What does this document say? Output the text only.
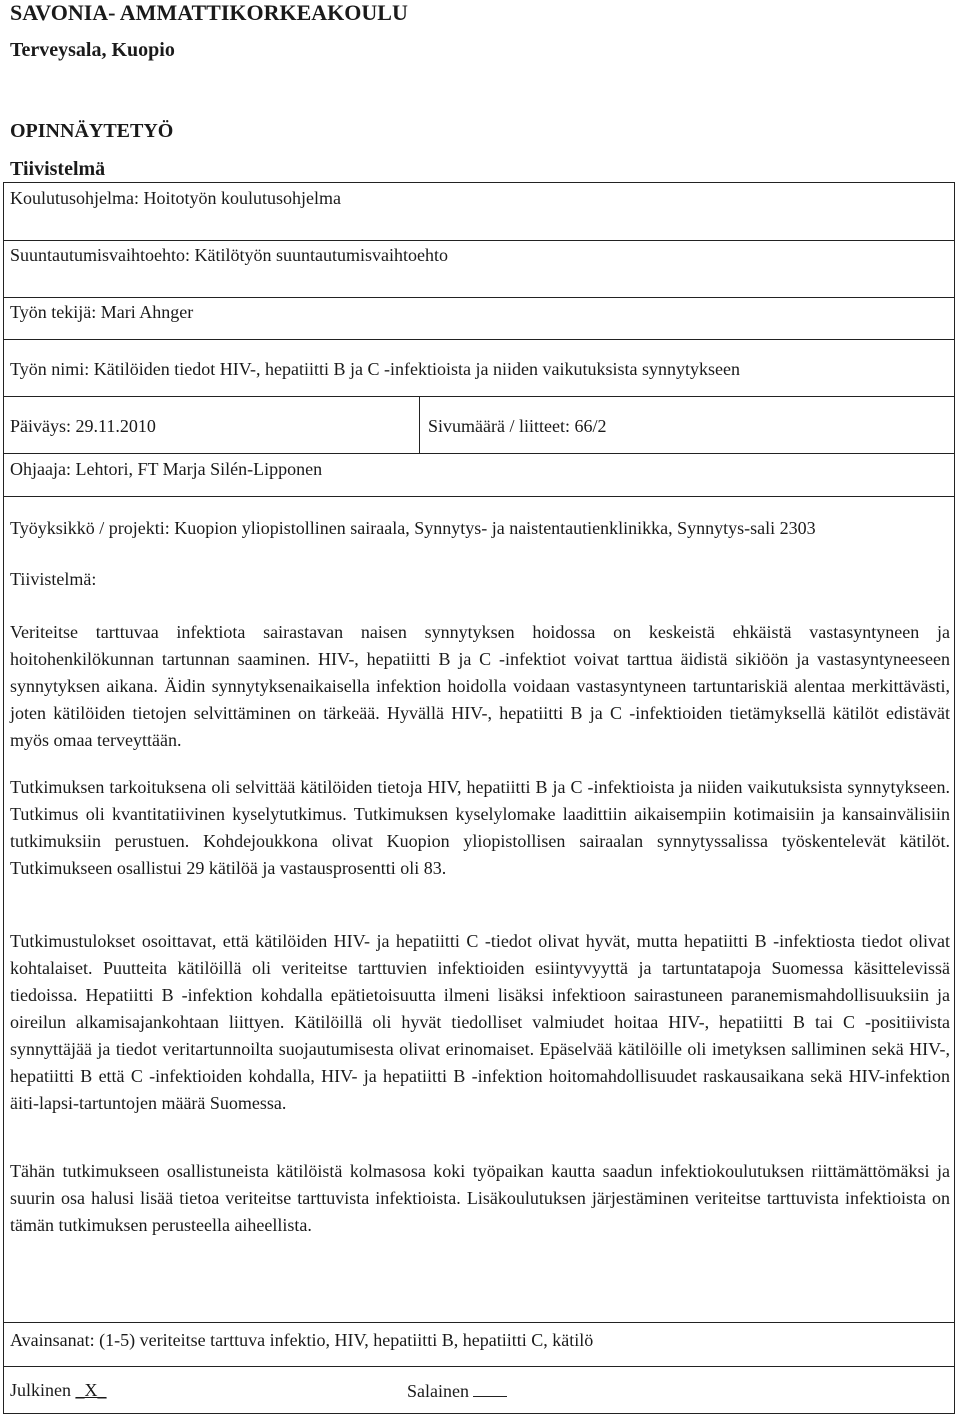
SAVONIA- AMMATTIKORKEAKOULU
Terveysala, Kuopio
OPINNÄYTETYÖ
Tiivistelmä
Koulutusohjelma: Hoitotyön koulutusohjelma
Suuntautumisvaihtoehto: Kätilötyön suuntautumisvaihtoehto
Työn tekijä: Mari Ahnger
Työn nimi: Kätilöiden tiedot HIV-, hepatiitti B ja C -infektioista ja niiden vaikutuksista synnytykseen
Päiväys: 29.11.2010	Sivumäärä / liitteet: 66/2
Ohjaaja: Lehtori, FT Marja Silén-Lipponen

Työyksikkö / projekti: Kuopion yliopistollinen sairaala, Synnytys- ja naistentautienklinikka, Synnytys-sali 2303

Tiivistelmä:

Veriteitse tarttuvaa infektiota sairastavan naisen synnytyksen hoidossa on keskeistä ehkäistä vastasyntyneen ja hoitohenkilökunnan tartunnan saaminen. HIV-, hepatiitti B ja C -infektiot voivat tarttua äidistä sikiöön ja vastasyntyneeseen synnytyksen aikana. Äidin synnytyksenaikaisella infektion hoidolla voidaan vastasyntyneen tartuntariskiä alentaa merkittävästi, joten kätilöiden tietojen selvittäminen on tärkeää. Hyvällä HIV-, hepatiitti B ja C -infektioiden tietämyksellä kätilöt edistävät myös omaa terveyttään.

Tutkimuksen tarkoituksena oli selvittää kätilöiden tietoja HIV, hepatiitti B ja C -infektioista ja niiden vaikutuksista synnytykseen. Tutkimus oli kvantitatiivinen kyselytutkimus. Tutkimuksen kyselylomake laadittiin aikaisempiin kotimaisiin ja kansainvälisiin tutkimuksiin perustuen. Kohdejoukkona olivat Kuopion yliopistollisen sairaalan synnytyssalissa työskentelevät kätilöt. Tutkimukseen osallistui 29 kätilöä ja vastausprosentti oli 83.

Tutkimustulokset osoittavat, että kätilöiden HIV- ja hepatiitti C -tiedot olivat hyvät, mutta hepatiitti B -infektiosta tiedot olivat kohtalaiset. Puutteita kätilöillä oli veriteitse tarttuvien infektioiden esiintyvyyttä ja tartuntatapoja Suomessa käsittelevissä tiedoissa. Hepatiitti B -infektion kohdalla epätietoisuutta ilmeni lisäksi infektioon sairastuneen paranemismahdollisuuksiin ja oireilun alkamisajankohtaan liittyen. Kätilöillä oli hyvät tiedolliset valmiudet hoitaa HIV-, hepatiitti B tai C -positiivista synnyttäjää ja tiedot veritartunnoilta suojautumisesta olivat erinomaiset. Epäselvää kätilöille oli imetyksen salliminen sekä HIV-, hepatiitti B että C -infektioiden kohdalla, HIV- ja hepatiitti B -infektion hoitomahdollisuudet raskausaikana sekä HIV-infektion äiti-lapsi-tartuntojen määrä Suomessa.

Tähän tutkimukseen osallistuneista kätilöistä kolmasosa koki työpaikan kautta saadun infektiokoulutuksen riittämättömäksi ja suurin osa halusi lisää tietoa veriteitse tarttuvista infektioista. Lisäkoulutuksen järjestäminen veriteitse tarttuvista infektioista on tämän tutkimuksen perusteella aiheellista.

Avainsanat: (1-5) veriteitse tarttuva infektio, HIV, hepatiitti B, hepatiitti C, kätilö
Julkinen _X_	Salainen
